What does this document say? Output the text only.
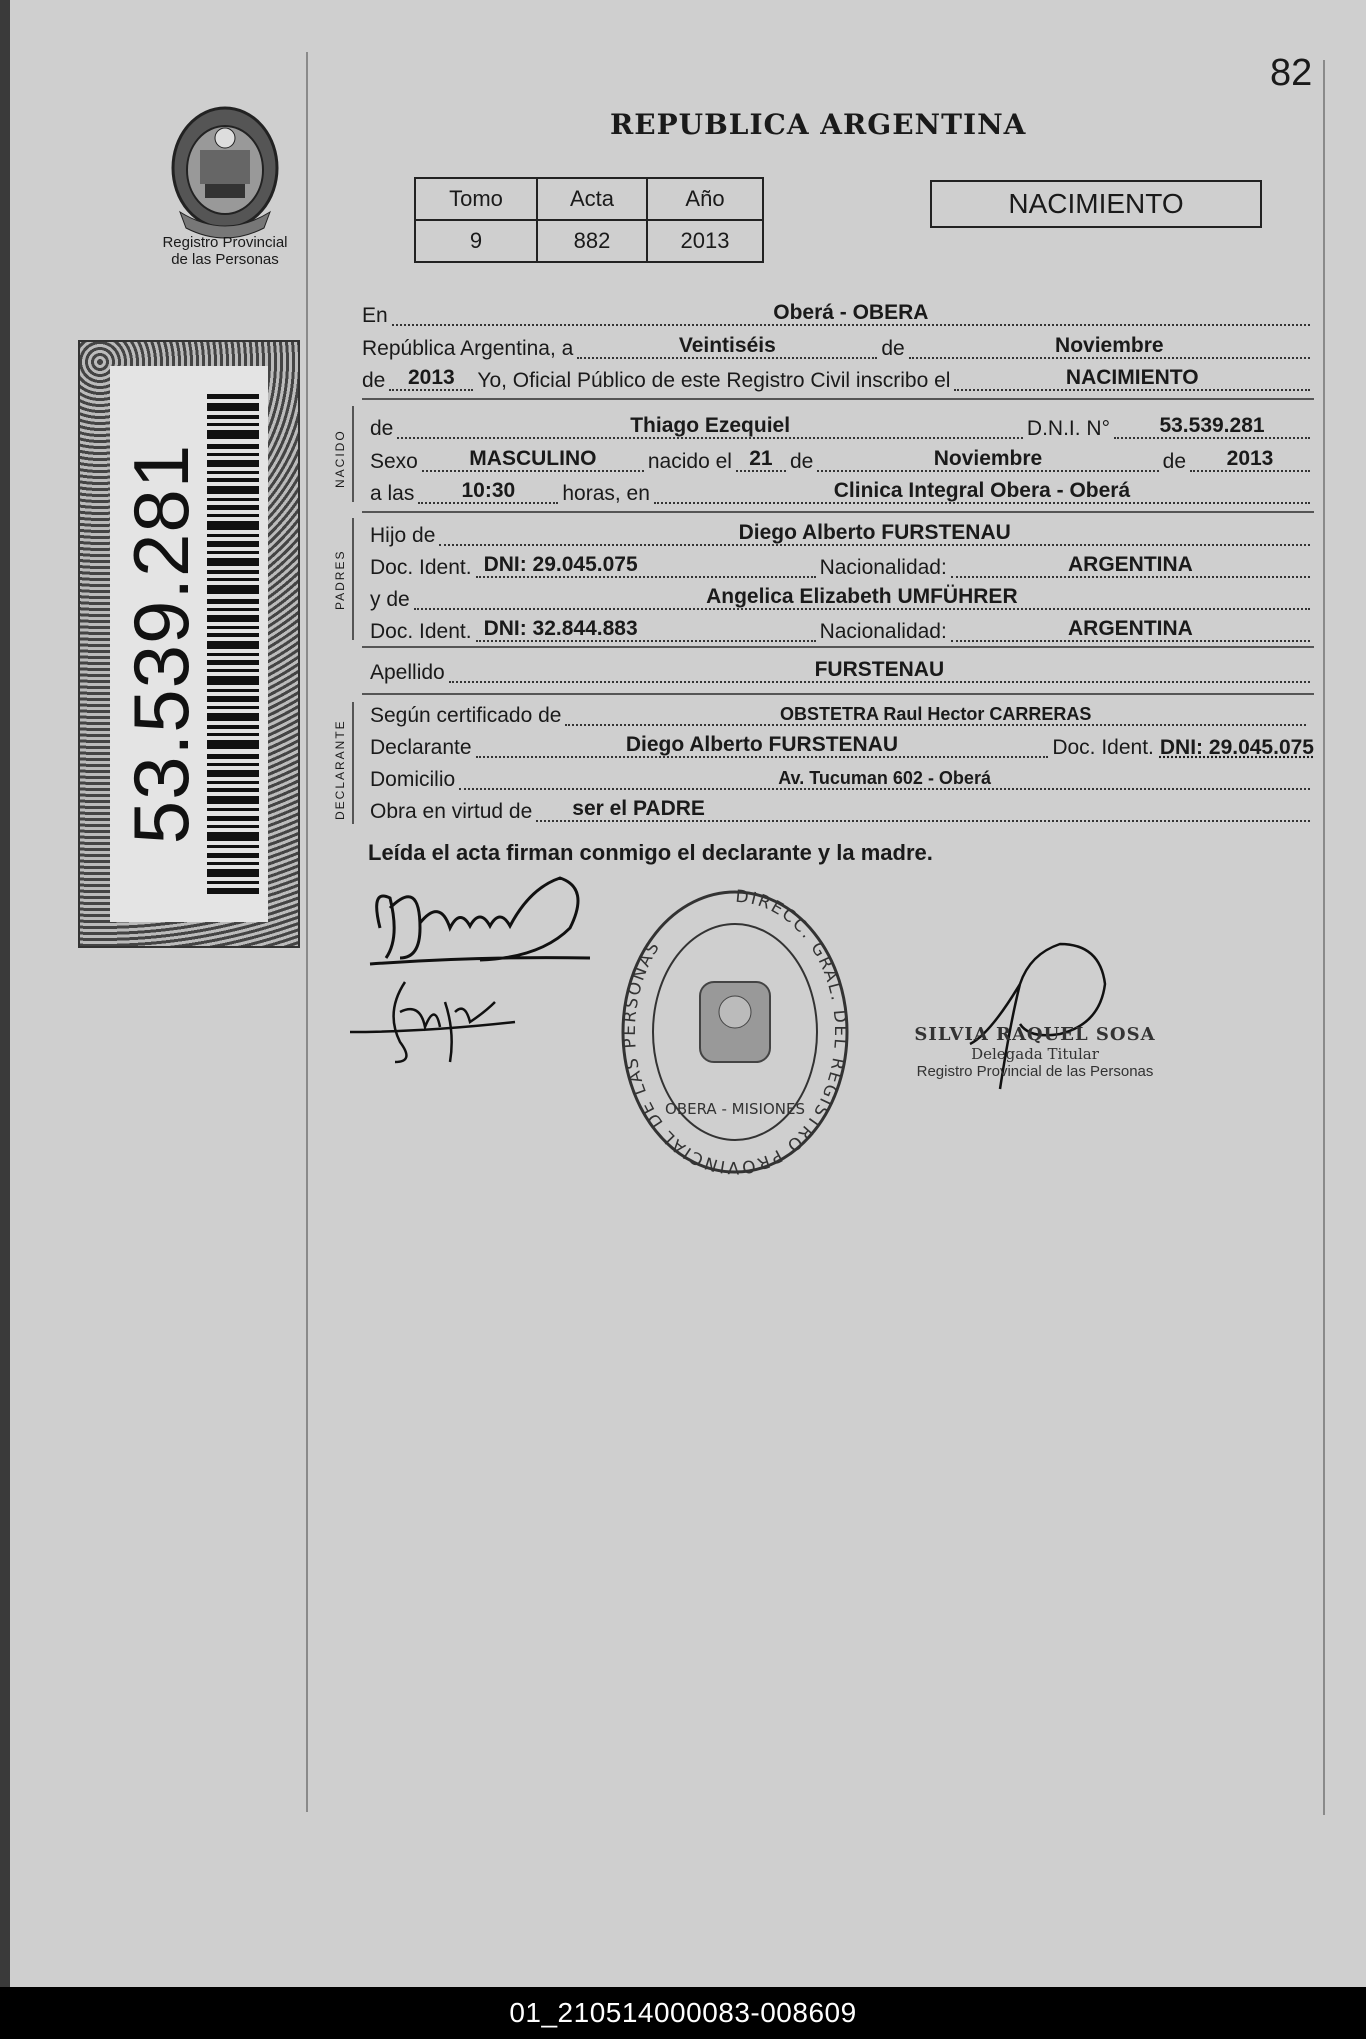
82
REPUBLICA ARGENTINA
Registro Provincial
de las Personas
53.539.281
Tomo	Acta	Año
9	882	2013
NACIMIENTO
En	Oberá - OBERA
República Argentina, a	Veintiséis	de	Noviembre
de 2013 Yo, Oficial Público de este Registro Civil inscribo el	NACIMIENTO
NACIDO
de	Thiago Ezequiel	D.N.I. N° 53.539.281
Sexo MASCULINO nacido el 21 de	Noviembre	de 2013
a las 10:30 horas, en	Clinica Integral Obera - Oberá
PADRES
Hijo de	Diego Alberto FURSTENAU
Doc. Ident. DNI: 29.045.075	Nacionalidad:	ARGENTINA
y de	Angelica Elizabeth UMFÜHRER
Doc. Ident. DNI: 32.844.883	Nacionalidad:	ARGENTINA
Apellido	FURSTENAU
DECLARANTE
Según certificado de	OBSTETRA Raul Hector CARRERAS
Declarante	Diego Alberto FURSTENAU	Doc. Ident. DNI: 29.045.075
Domicilio	Av. Tucuman 602 - Oberá
Obra en virtud de ser el PADRE
Leída el acta firman conmigo el declarante y la madre.
DIRECC. GRAL. DEL REGISTRO PROVINCIAL DE LAS PERSONAS
OBERA - MISIONES
SILVIA RAQUEL SOSA
Delegada Titular
Registro Provincial de las Personas
01_210514000083-008609
